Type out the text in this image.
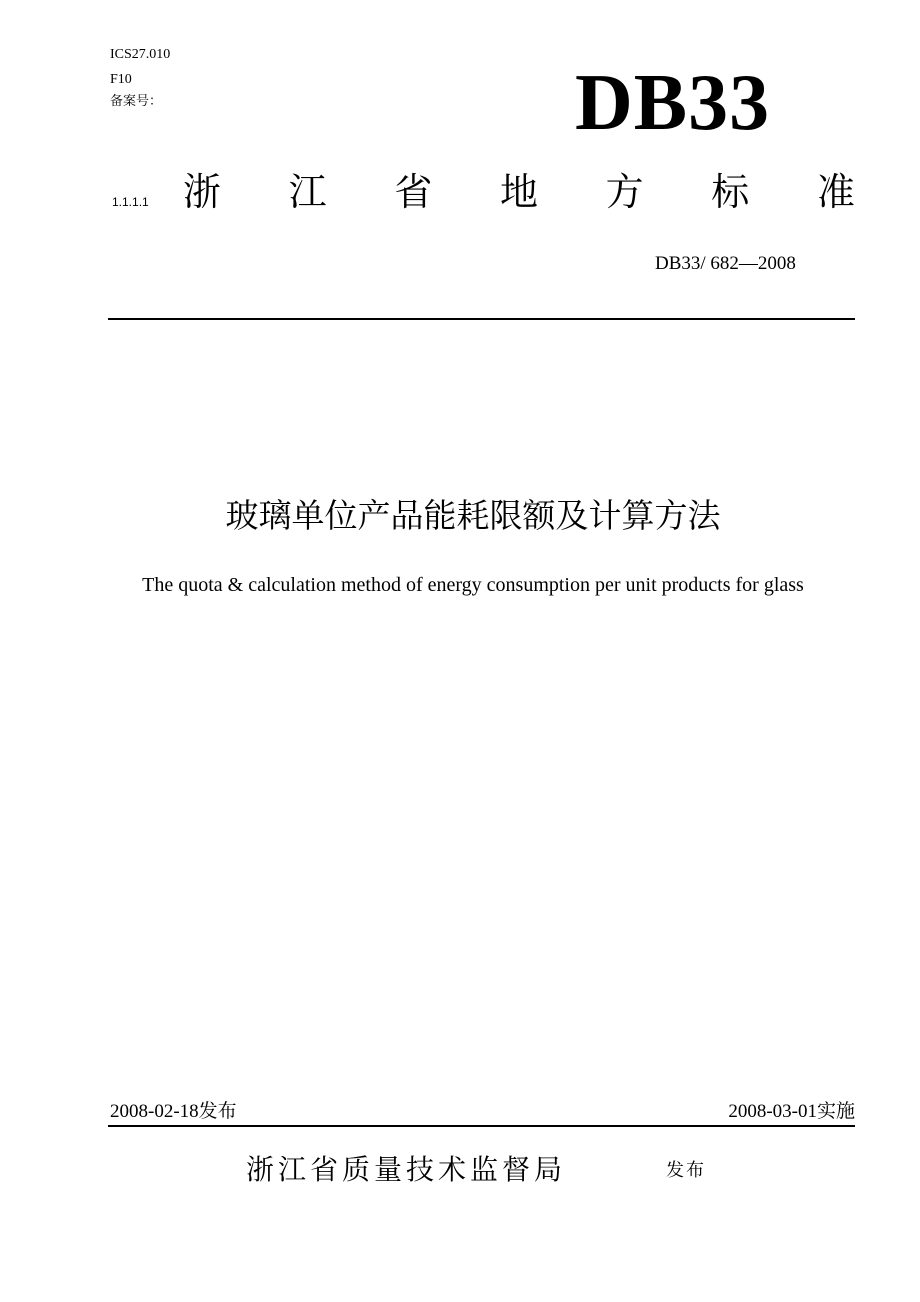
ICS27.010
F10
备案号：	DB33
1.1.1.1 浙 江 省 地 方 标 准
DB33/ 682—2008
玻璃单位产品能耗限额及计算方法
The quota & calculation method of energy consumption per unit products for glass
2008-02-18发布	2008-03-01实施
浙江省质量技术监督局	发布
